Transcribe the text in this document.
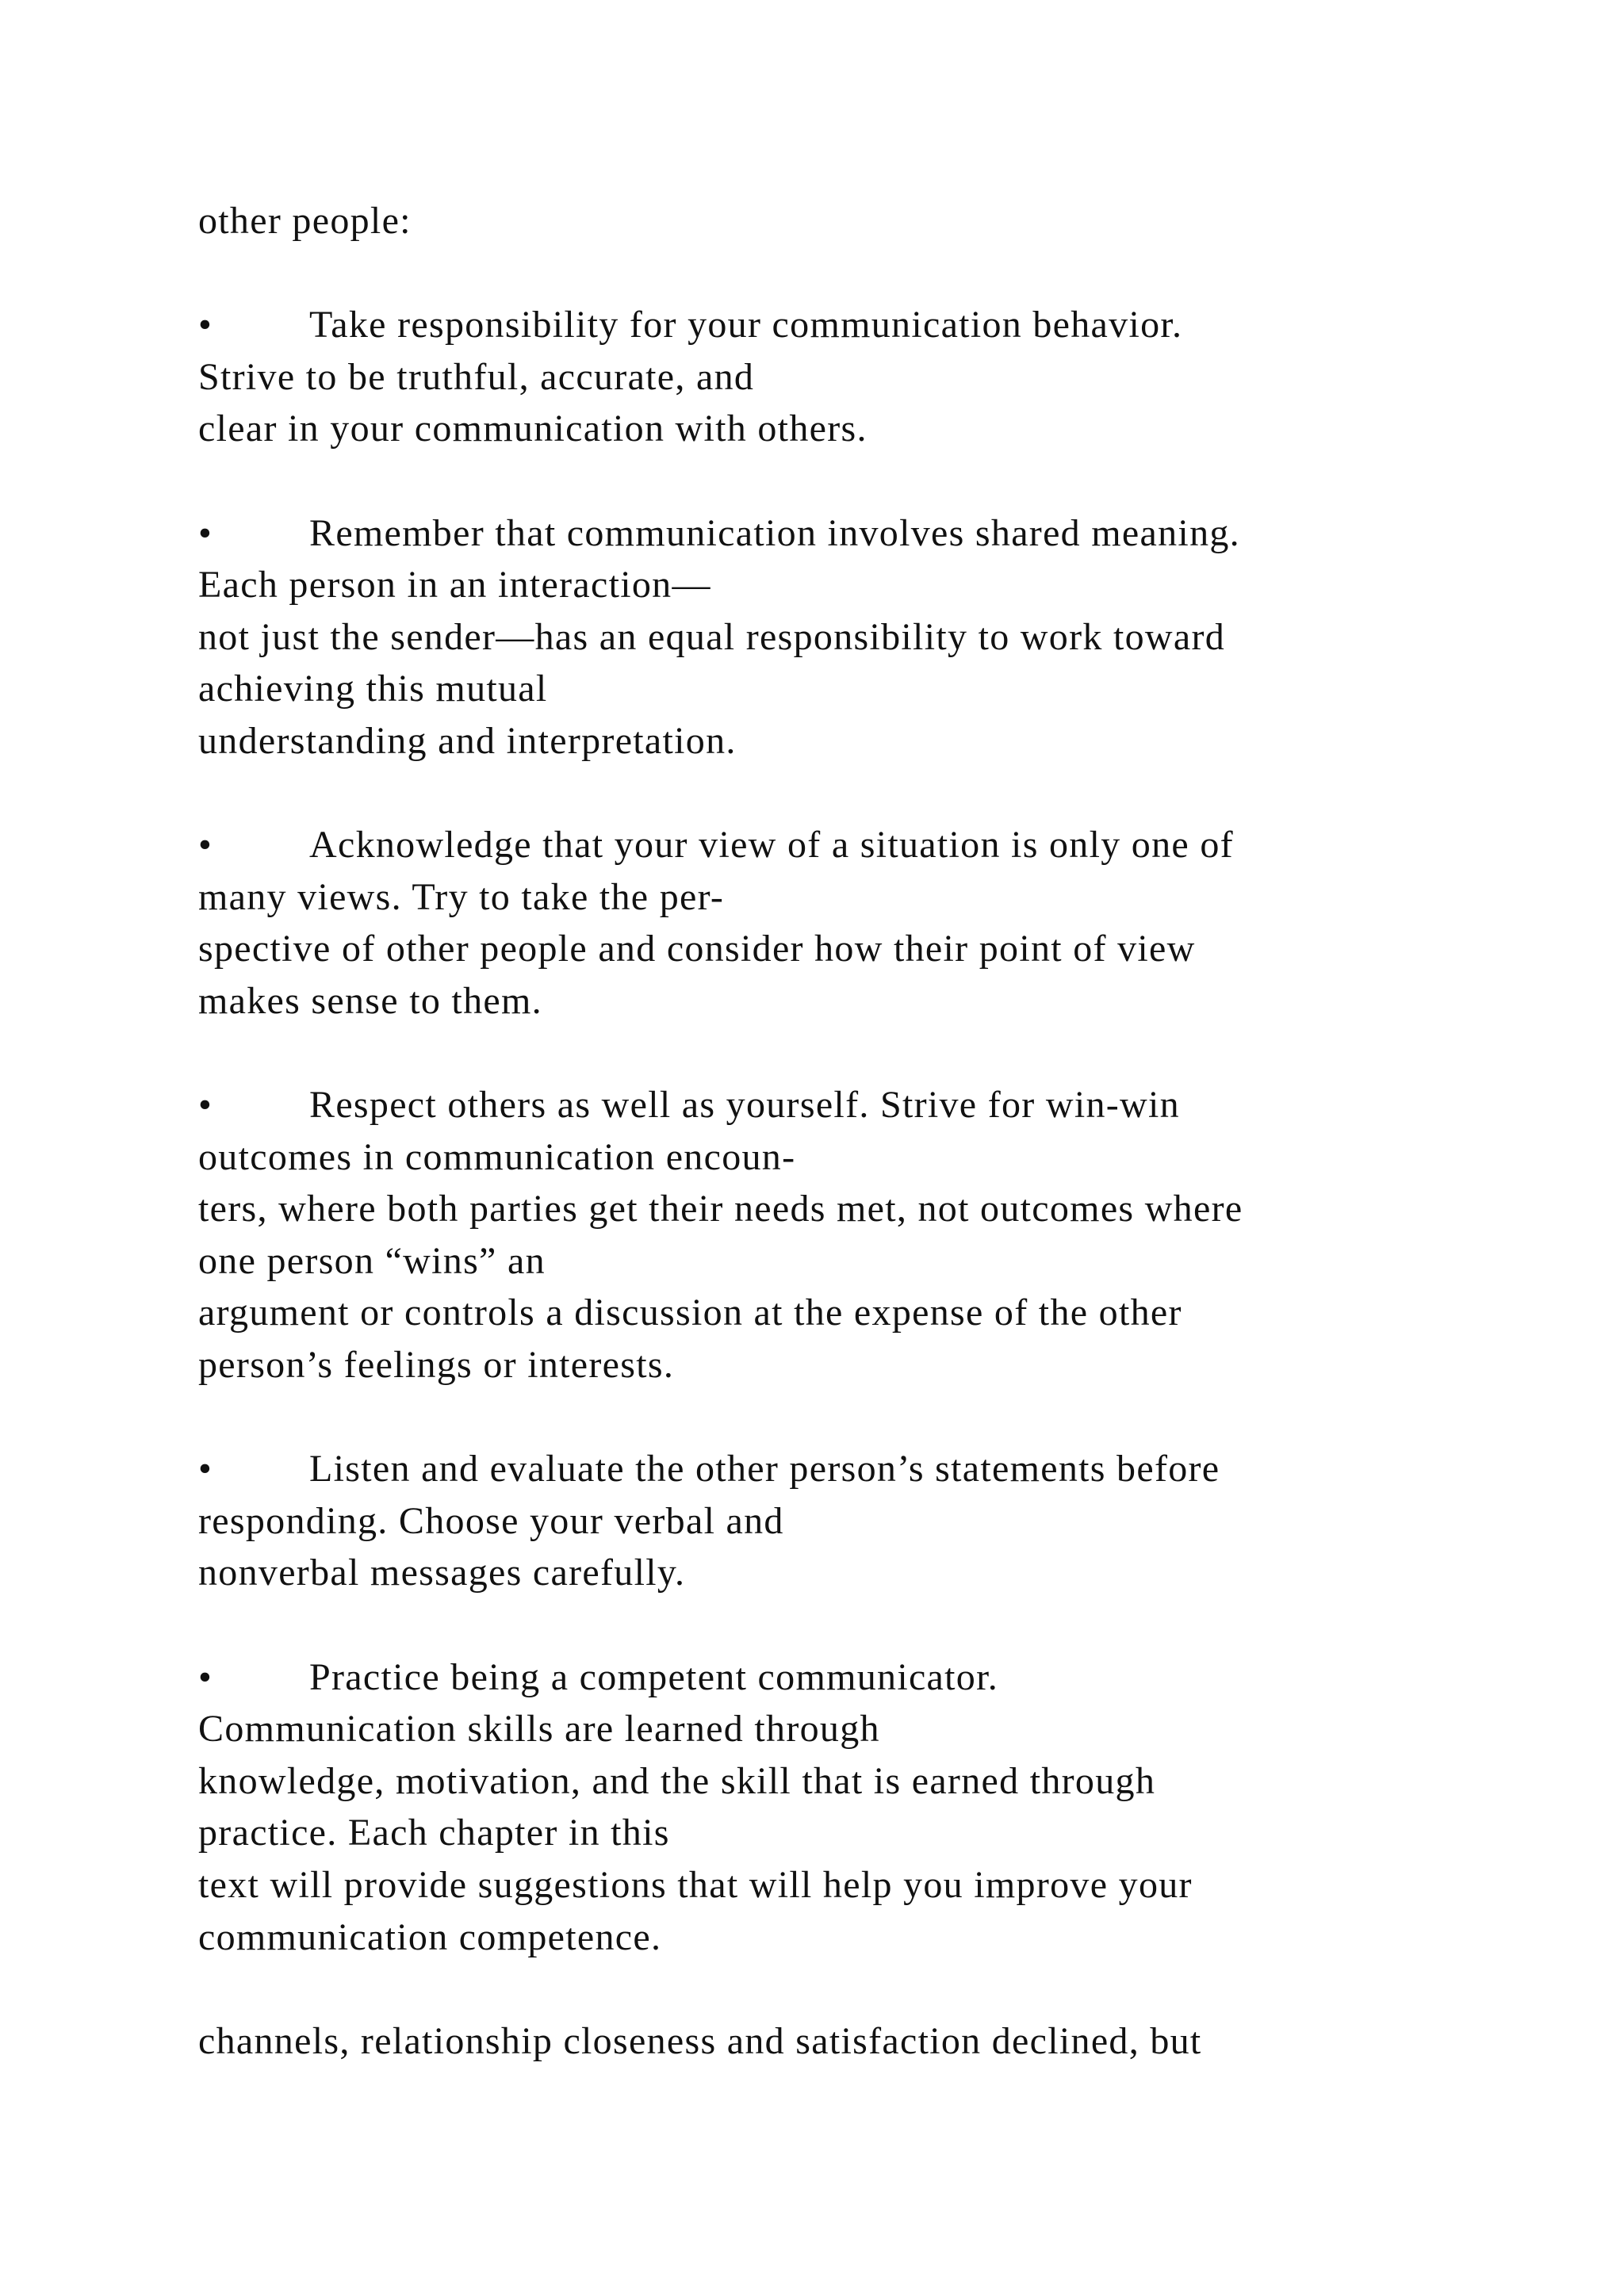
other people:
•	Take responsibility for your communication behavior.
Strive to be truthful, accurate, and
clear in your communication with others.
•	Remember that communication involves shared meaning.
Each person in an interaction—
not just the sender—has an equal responsibility to work toward
achieving this mutual
understanding and interpretation.
•	Acknowledge that your view of a situation is only one of
many views. Try to take the per-
spective of other people and consider how their point of view
makes sense to them.
•	Respect others as well as yourself. Strive for win-win
outcomes in communication encoun-
ters, where both parties get their needs met, not outcomes where
one person “wins” an
argument or controls a discussion at the expense of the other
person’s feelings or interests.
•	Listen and evaluate the other person’s statements before
responding. Choose your verbal and
nonverbal messages carefully.
•	Practice being a competent communicator.
Communication skills are learned through
knowledge, motivation, and the skill that is earned through
practice. Each chapter in this
text will provide suggestions that will help you improve your
communication competence.
channels, relationship closeness and satisfaction declined, but
